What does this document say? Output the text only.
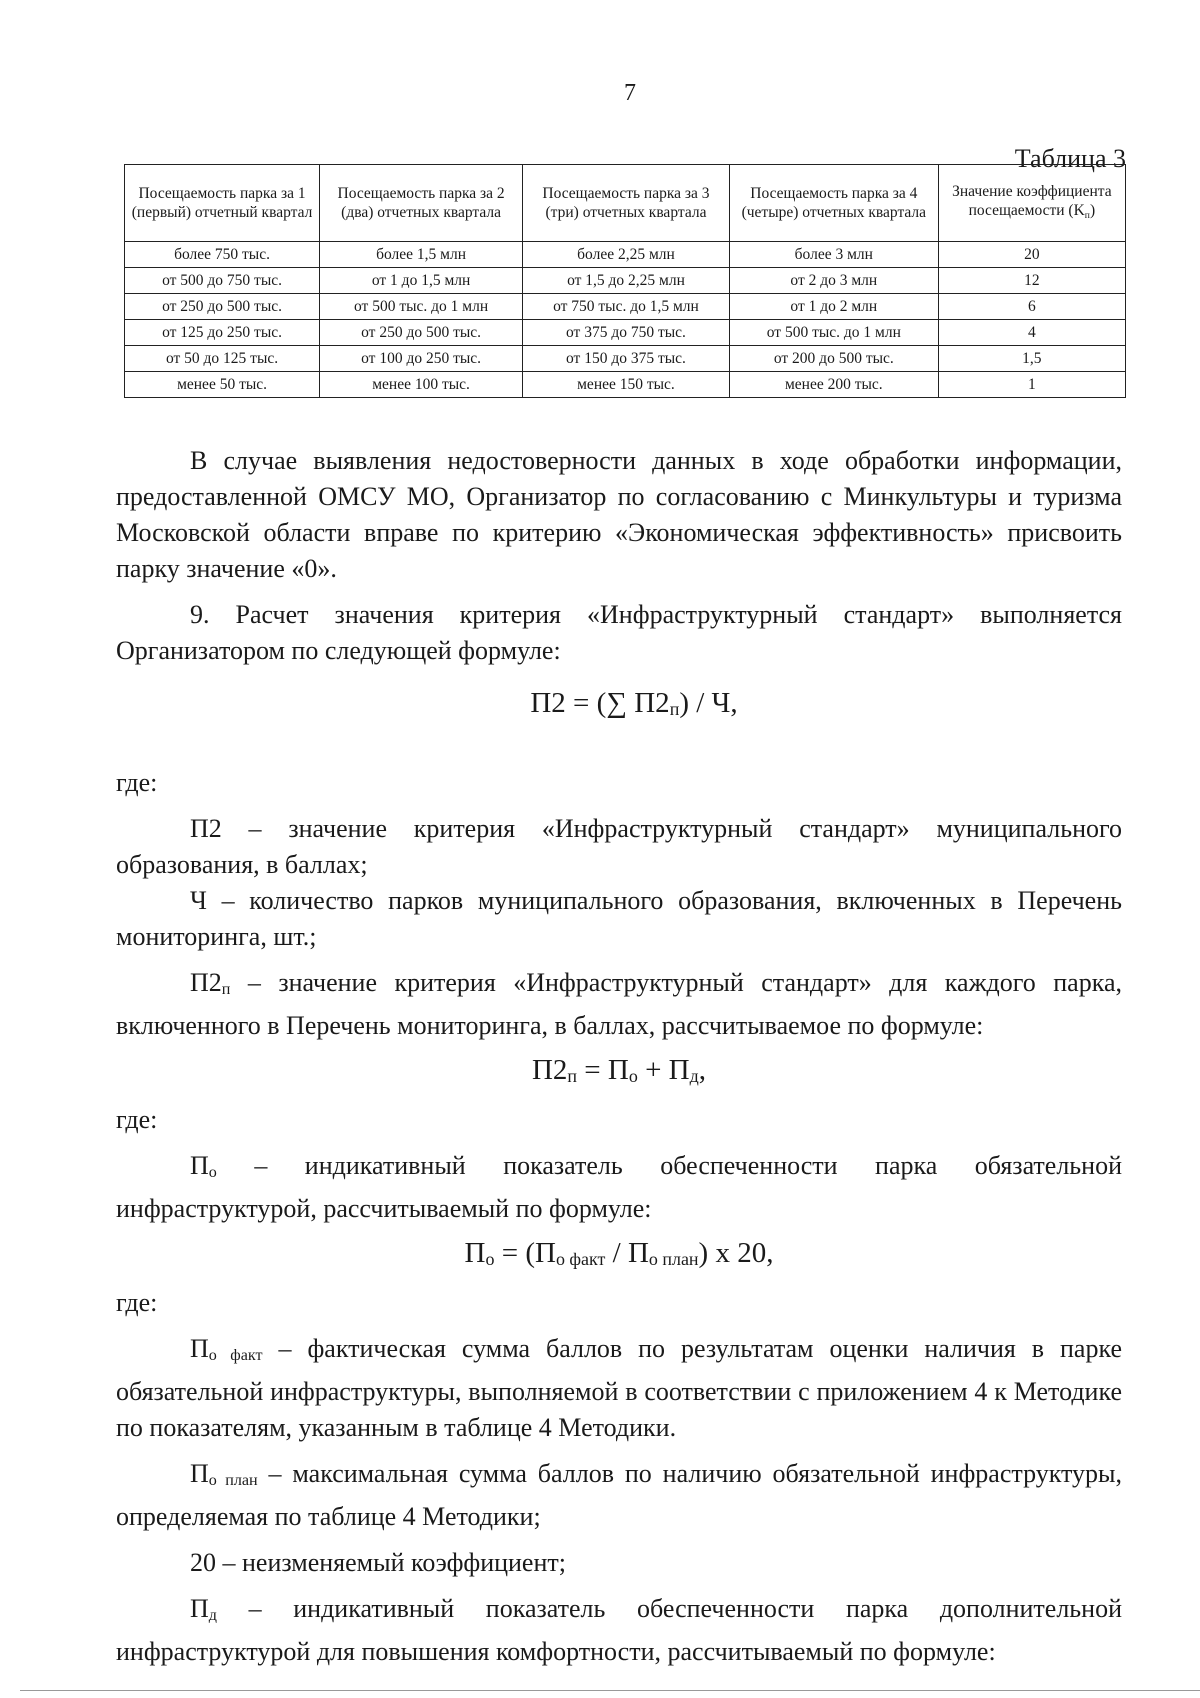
7
Таблица 3
Посещаемость парка за 1 (первый) отчетный квартал	Посещаемость парка за 2 (два) отчетных квартала	Посещаемость парка за 3 (три) отчетных квартала	Посещаемость парка за 4 (четыре) отчетных квартала	Значение коэффициента посещаемости $(K_п)$
более 750 тыс.	более 1,5 млн	более 2,25 млн	более 3 млн	20
от 500 до 750 тыс.	от 1 до 1,5 млн	от 1,5 до 2,25 млн	от 2 до 3 млн	12
от 250 до 500 тыс.	от 500 тыс. до 1 млн	от 750 тыс. до 1,5 млн	от 1 до 2 млн	6
от 125 до 250 тыс.	от 250 до 500 тыс.	от 375 до 750 тыс.	от 500 тыс. до 1 млн	4
от 50 до 125 тыс.	от 100 до 250 тыс.	от 150 до 375 тыс.	от 200 до 500 тыс.	1,5
менее 50 тыс.	менее 100 тыс.	менее 150 тыс.	менее 200 тыс.	1

В случае выявления недостоверности данных в ходе обработки информации, предоставленной ОМСУ МО, Организатор по согласованию с Минкультуры и туризма Московской области вправе по критерию «Экономическая эффективность» присвоить парку значение «0».

9. Расчет значения критерия «Инфраструктурный стандарт» выполняется Организатором по следующей формуле:

П2 = (∑ $П2_п$) / Ч,

где:

П2 – значение критерия «Инфраструктурный стандарт» муниципального образования, в баллах;

Ч – количество парков муниципального образования, включенных в Перечень мониторинга, шт.;

$П2_п$ – значение критерия «Инфраструктурный стандарт» для каждого парка, включенного в Перечень мониторинга, в баллах, рассчитываемое по формуле:

$П2_п = П_о + П_д$,

где:

$П_о$ – индикативный показатель обеспеченности парка обязательной инфраструктурой, рассчитываемый по формуле:

$П_о = (П_{о факт} / П_{о план})$ х 20,

где:

$П_{о факт}$ – фактическая сумма баллов по результатам оценки наличия в парке обязательной инфраструктуры, выполняемой в соответствии с приложением 4 к Методике по показателям, указанным в таблице 4 Методики.

$П_{о план}$ – максимальная сумма баллов по наличию обязательной инфраструктуры, определяемая по таблице 4 Методики;

20 – неизменяемый коэффициент;

$П_д$ – индикативный показатель обеспеченности парка дополнительной инфраструктурой для повышения комфортности, рассчитываемый по формуле:
